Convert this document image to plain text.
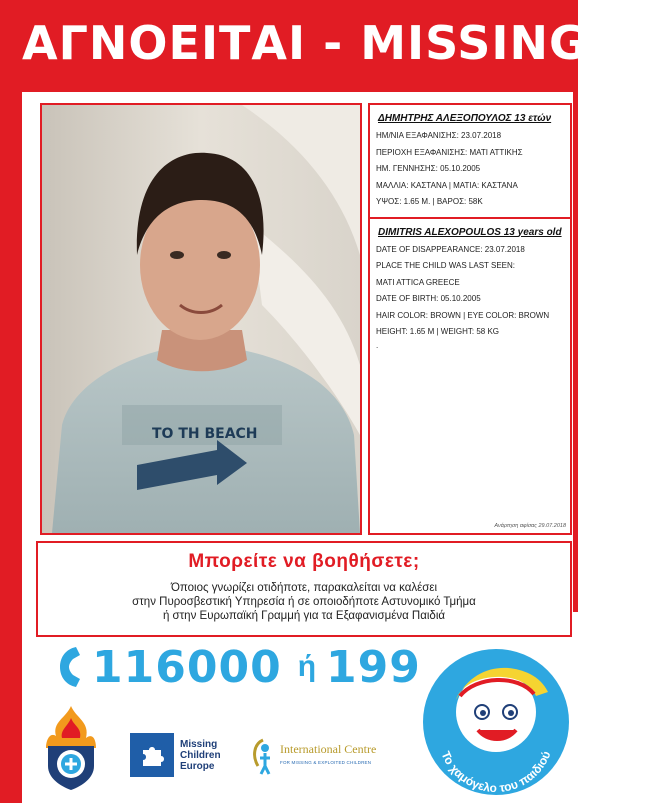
ΑΓΝΟΕΙΤΑΙ - MISSING
TO TH BEACH
ΔΗΜΗΤΡΗΣ ΑΛΕΞΟΠΟΥΛΟΣ 13 ετών
ΗΜ/ΝΙΑ ΕΞΑΦΑΝΙΣΗΣ: 23.07.2018
ΠΕΡΙΟΧΗ ΕΞΑΦΑΝΙΣΗΣ: ΜΑΤΙ ΑΤΤΙΚΗΣ
ΗΜ. ΓΕΝΝΗΣΗΣ: 05.10.2005
ΜΑΛΛΙΑ: ΚΑΣΤΑΝΑ | ΜΑΤΙΑ: ΚΑΣΤΑΝΑ
ΥΨΟΣ: 1.65 Μ. | ΒΑΡΟΣ: 58Κ
DIMITRIS ALEXOPOULOS 13 years old
DATE OF DISAPPEARANCE: 23.07.2018
PLACE THE CHILD WAS LAST SEEN:
MATI ATTICA GREECE
DATE OF BIRTH: 05.10.2005
HAIR COLOR: BROWN | EYE COLOR: BROWN
HEIGHT: 1.65 M | WEIGHT: 58 KG
.
Ανάρτηση αφίσας 29.07.2018
Μπορείτε να βοηθήσετε;

Όποιος γνωρίζει οτιδήποτε, παρακαλείται να καλέσει

στην Πυροσβεστική Υπηρεσία ή σε οποιοδήποτε Αστυνομικό Τμήμα

ή στην Ευρωπαϊκή Γραμμή για τα Εξαφανισμένα Παιδιά

116000 ή 199
Missing
Children
Europe
International Centre
FOR MISSING & EXPLOITED CHILDREN
Το χαμόγελο του παιδιού
